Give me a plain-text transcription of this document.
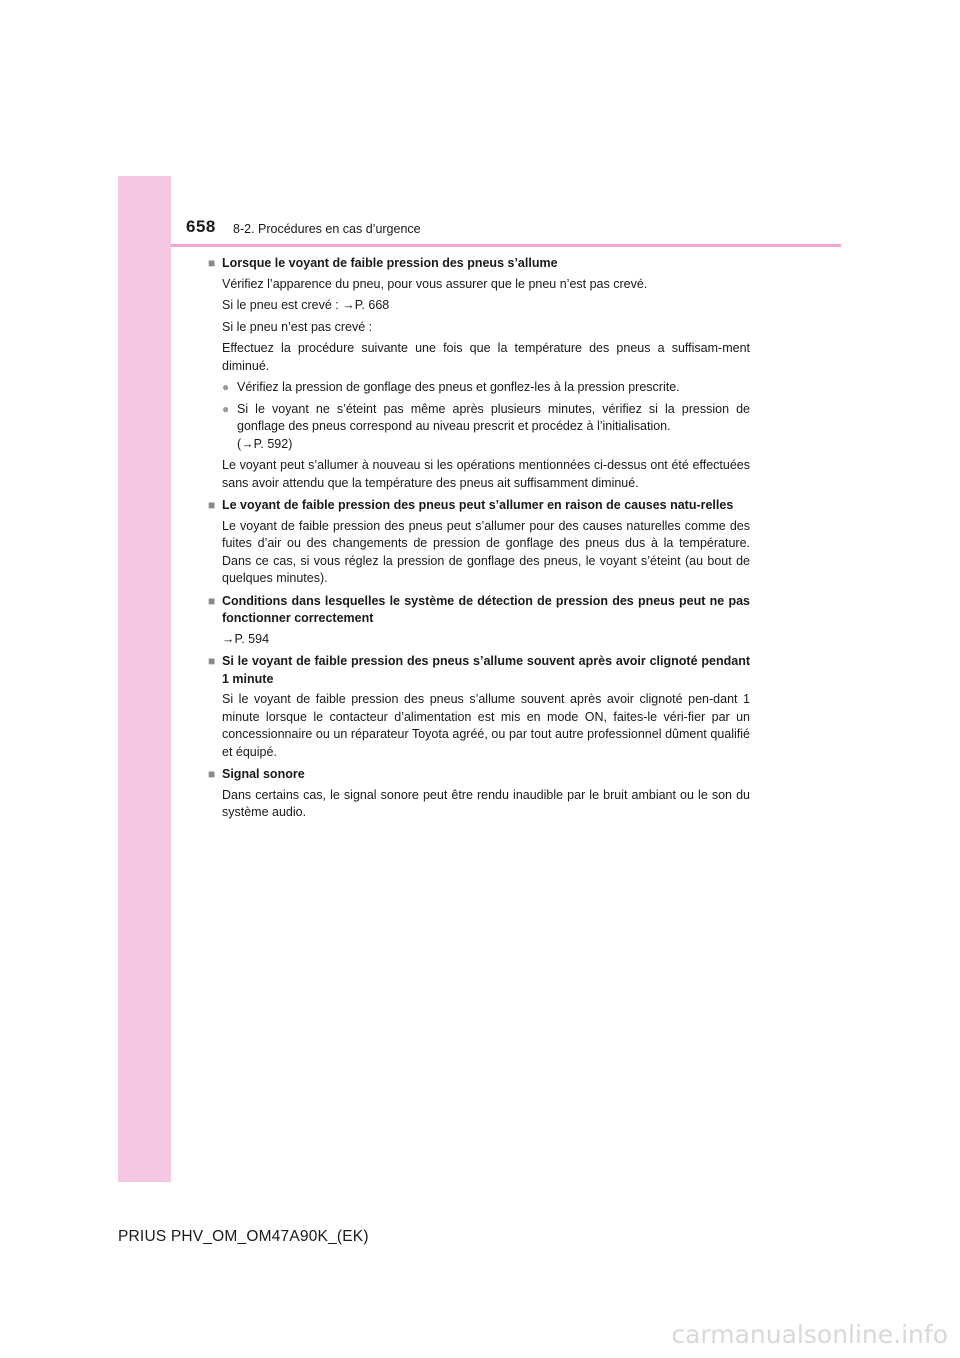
658 8-2. Procédures en cas d’urgence
■ Lorsque le voyant de faible pression des pneus s’allume
Vérifiez l’apparence du pneu, pour vous assurer que le pneu n’est pas crevé.
Si le pneu est crevé : →P. 668
Si le pneu n’est pas crevé :
Effectuez la procédure suivante une fois que la température des pneus a suffisam-ment diminué.
● Vérifiez la pression de gonflage des pneus et gonflez-les à la pression prescrite.
● Si le voyant ne s’éteint pas même après plusieurs minutes, vérifiez si la pression de gonflage des pneus correspond au niveau prescrit et procédez à l’initialisation.
(→P. 592)
Le voyant peut s’allumer à nouveau si les opérations mentionnées ci-dessus ont été effectuées sans avoir attendu que la température des pneus ait suffisamment diminué.
■ Le voyant de faible pression des pneus peut s’allumer en raison de causes natu-relles
Le voyant de faible pression des pneus peut s’allumer pour des causes naturelles comme des fuites d’air ou des changements de pression de gonflage des pneus dus à la température. Dans ce cas, si vous réglez la pression de gonflage des pneus, le voyant s’éteint (au bout de quelques minutes).
■ Conditions dans lesquelles le système de détection de pression des pneus peut ne pas fonctionner correctement
→P. 594
■ Si le voyant de faible pression des pneus s’allume souvent après avoir clignoté pendant 1 minute
Si le voyant de faible pression des pneus s’allume souvent après avoir clignoté pen-dant 1 minute lorsque le contacteur d’alimentation est mis en mode ON, faites-le véri-fier par un concessionnaire ou un réparateur Toyota agréé, ou par tout autre professionnel dûment qualifié et équipé.
■ Signal sonore
Dans certains cas, le signal sonore peut être rendu inaudible par le bruit ambiant ou le son du système audio.
PRIUS PHV_OM_OM47A90K_(EK)
carmanualsonline.info
